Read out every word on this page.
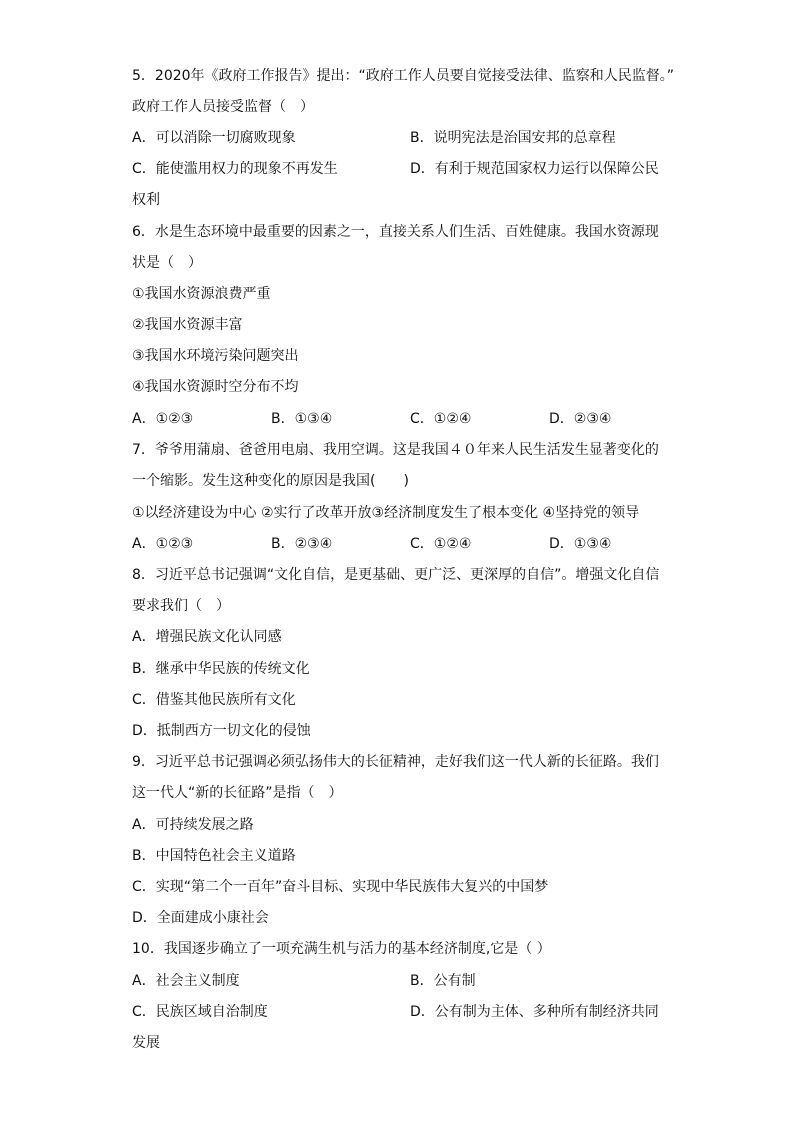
5．2020年《政府工作报告》提出：“政府工作人员要自觉接受法律、监察和人民监督。”
政府工作人员接受监督（　）
A．可以消除一切腐败现象	B．说明宪法是治国安邦的总章程
C．能使滥用权力的现象不再发生	D．有利于规范国家权力运行以保障公民
权利
6．水是生态环境中最重要的因素之一，直接关系人们生活、百姓健康。我国水资源现
状是（　）
①我国水资源浪费严重
②我国水资源丰富
③我国水环境污染问题突出
④我国水资源时空分布不均
A．①②③	B．①③④	C．①②④	D．②③④
7．爷爷用蒲扇、爸爸用电扇、我用空调。这是我国４０年来人民生活发生显著变化的
一个缩影。发生这种变化的原因是我国(　　)
①以经济建设为中心 ②实行了改革开放③经济制度发生了根本变化 ④坚持党的领导
A．①②③	B．②③④	C．①②④	D．①③④
8．习近平总书记强调“文化自信，是更基础、更广泛、更深厚的自信”。增强文化自信
要求我们（　）
A．增强民族文化认同感
B．继承中华民族的传统文化
C．借鉴其他民族所有文化
D．抵制西方一切文化的侵蚀
9．习近平总书记强调必须弘扬伟大的长征精神，走好我们这一代人新的长征路。我们
这一代人“新的长征路”是指（　）
A．可持续发展之路
B．中国特色社会主义道路
C．实现“第二个一百年”奋斗目标、实现中华民族伟大复兴的中国梦
D．全面建成小康社会
10．我国逐步确立了一项充满生机与活力的基本经济制度,它是（ ）
A．社会主义制度	B．公有制
C．民族区域自治制度	D．公有制为主体、多种所有制经济共同
发展
